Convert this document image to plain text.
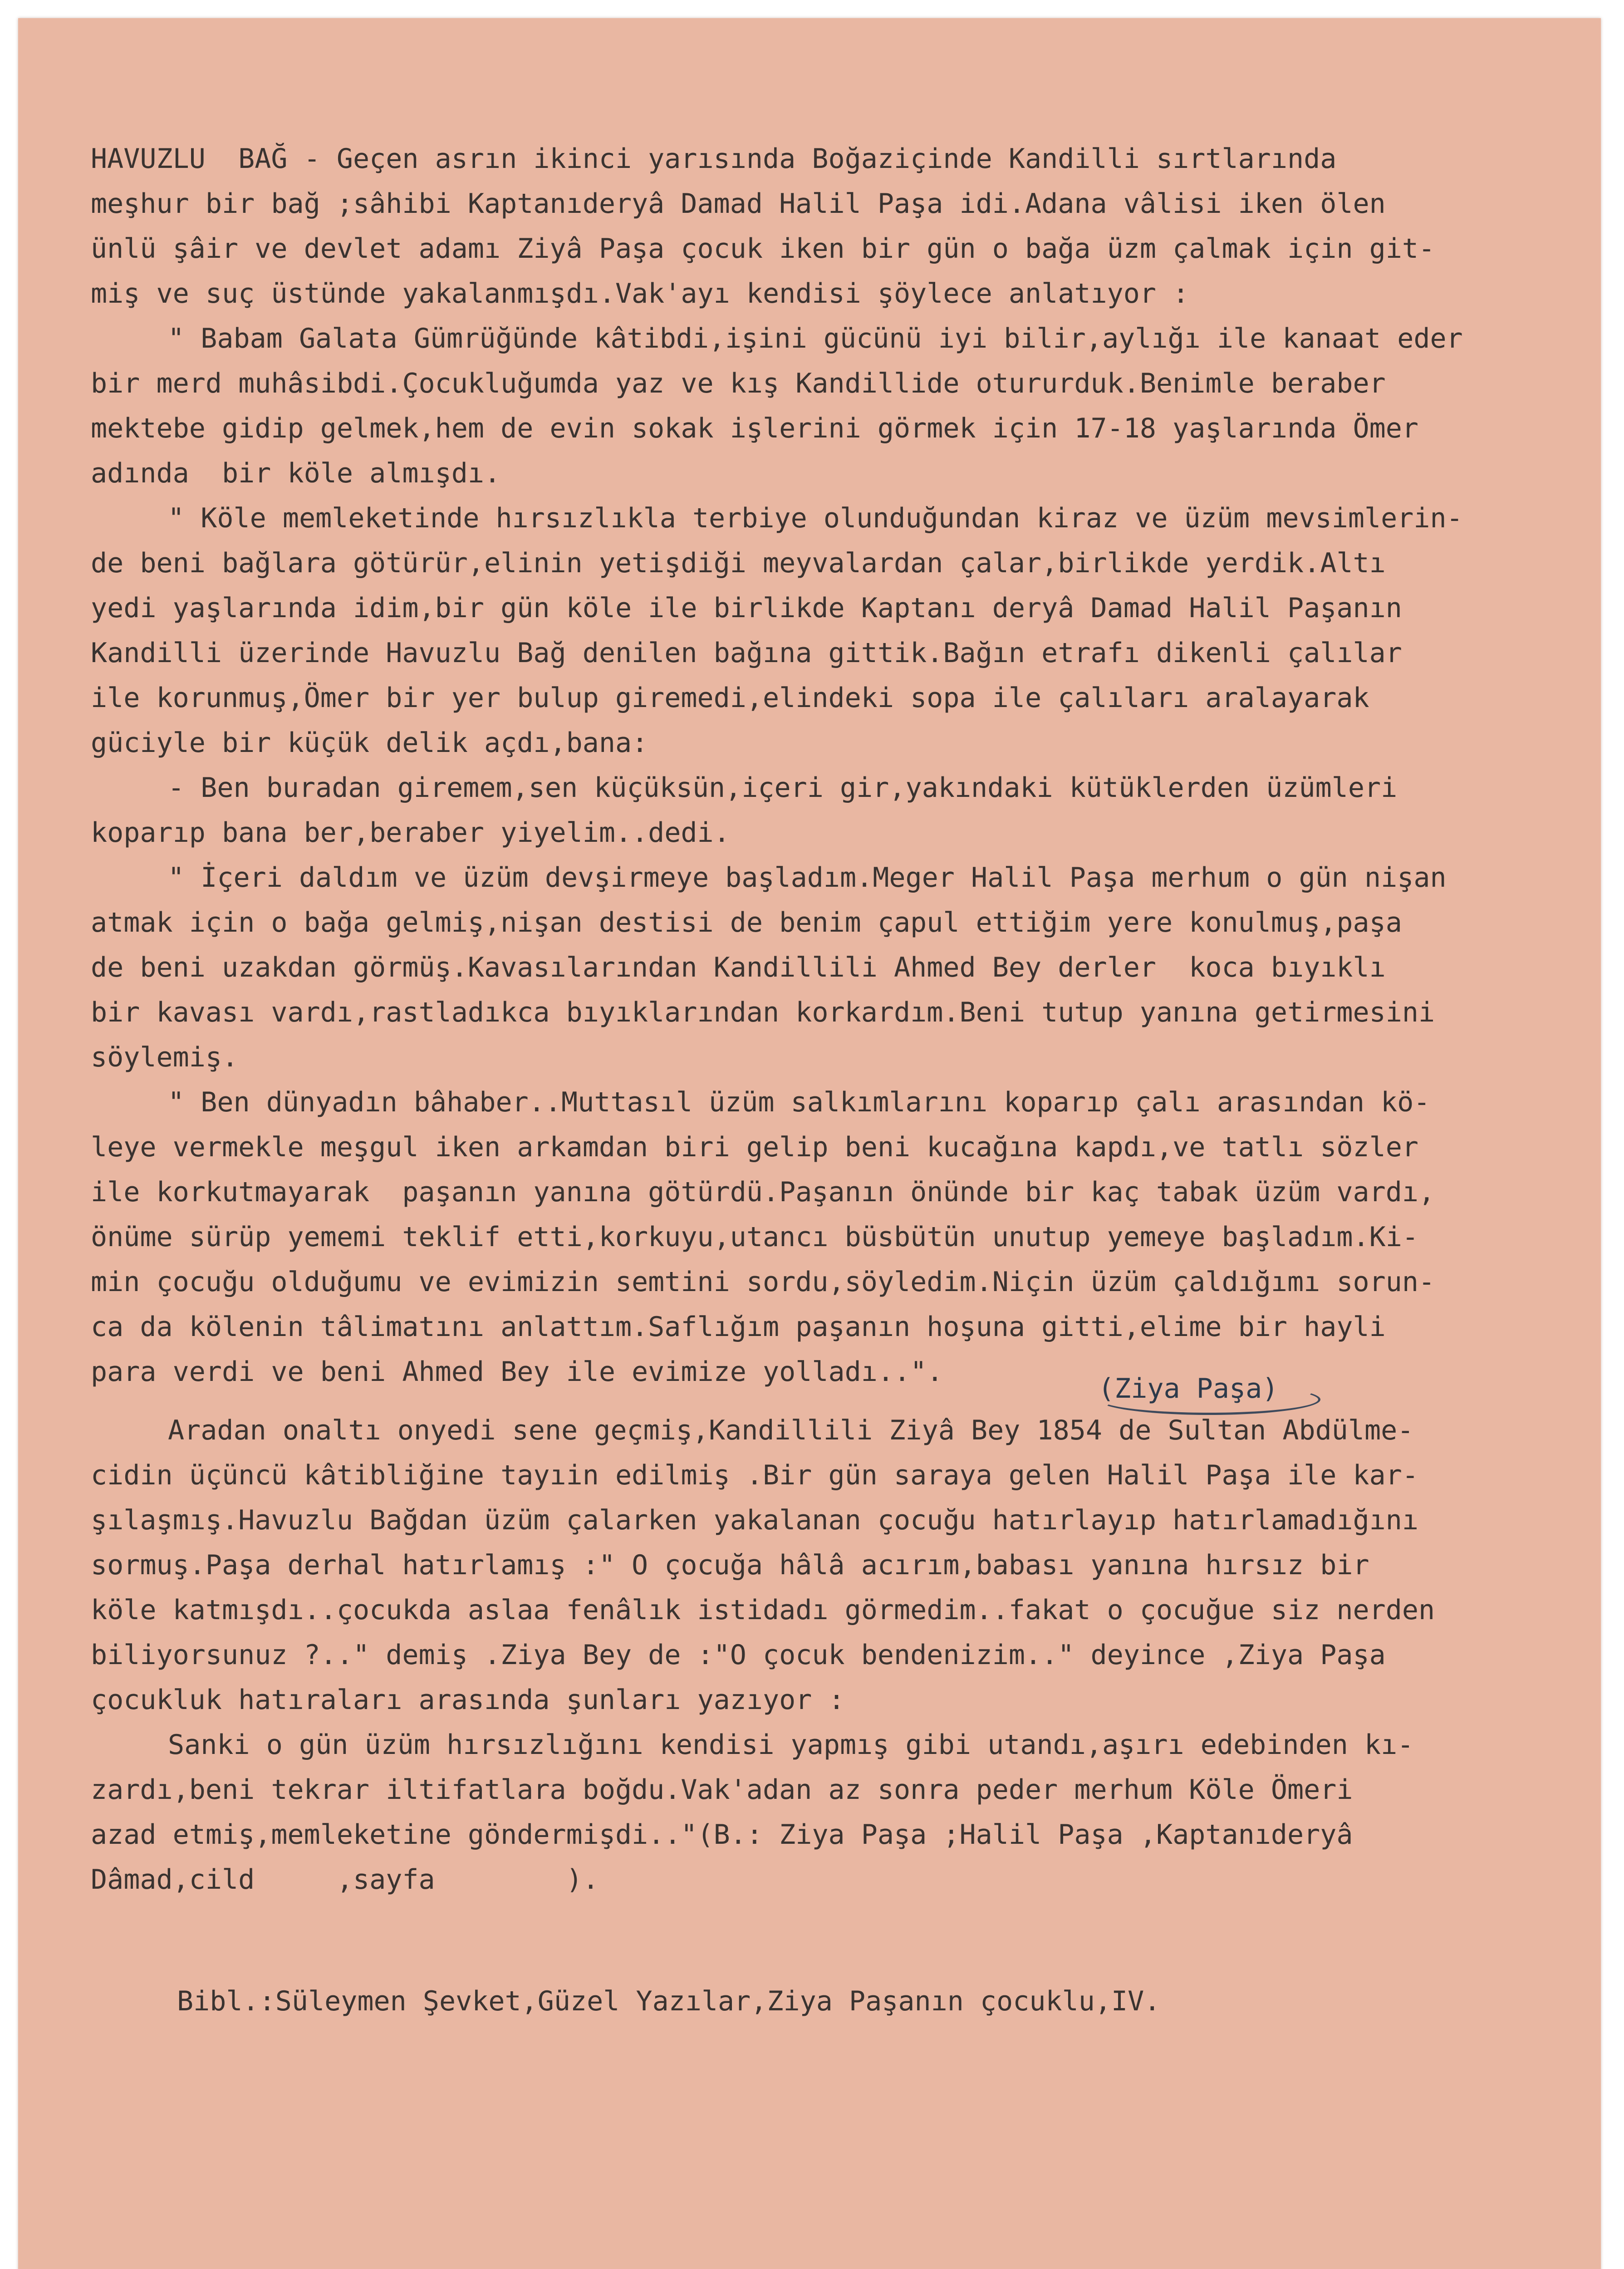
HAVUZLU  BAĞ - Geçen asrın ikinci yarısında Boğaziçinde Kandilli sırtlarında
meşhur bir bağ ;sâhibi Kaptanıderyâ Damad Halil Paşa idi.Adana vâlisi iken ölen
ünlü şâir ve devlet adamı Ziyâ Paşa çocuk iken bir gün o bağa üzm çalmak için git-
miş ve suç üstünde yakalanmışdı.Vak'ayı kendisi şöylece anlatıyor :
" Babam Galata Gümrüğünde kâtibdi,işini gücünü iyi bilir,aylığı ile kanaat eder
bir merd muhâsibdi.Çocukluğumda yaz ve kış Kandillide otururduk.Benimle beraber
mektebe gidip gelmek,hem de evin sokak işlerini görmek için 17-18 yaşlarında Ömer
adında  bir köle almışdı.
" Köle memleketinde hırsızlıkla terbiye olunduğundan kiraz ve üzüm mevsimlerin-
de beni bağlara götürür,elinin yetişdiği meyvalardan çalar,birlikde yerdik.Altı
yedi yaşlarında idim,bir gün köle ile birlikde Kaptanı deryâ Damad Halil Paşanın
Kandilli üzerinde Havuzlu Bağ denilen bağına gittik.Bağın etrafı dikenli çalılar
ile korunmuş,Ömer bir yer bulup giremedi,elindeki sopa ile çalıları aralayarak
güciyle bir küçük delik açdı,bana:
- Ben buradan giremem,sen küçüksün,içeri gir,yakındaki kütüklerden üzümleri
koparıp bana ber,beraber yiyelim..dedi.
" İçeri daldım ve üzüm devşirmeye başladım.Meger Halil Paşa merhum o gün nişan
atmak için o bağa gelmiş,nişan destisi de benim çapul ettiğim yere konulmuş,paşa
de beni uzakdan görmüş.Kavasılarından Kandillili Ahmed Bey derler  koca bıyıklı
bir kavası vardı,rastladıkca bıyıklarından korkardım.Beni tutup yanına getirmesini
söylemiş.
" Ben dünyadın bâhaber..Muttasıl üzüm salkımlarını koparıp çalı arasından kö-
leye vermekle meşgul iken arkamdan biri gelip beni kucağına kapdı,ve tatlı sözler
ile korkutmayarak  paşanın yanına götürdü.Paşanın önünde bir kaç tabak üzüm vardı,
önüme sürüp yememi teklif etti,korkuyu,utancı büsbütün unutup yemeye başladım.Ki-
min çocuğu olduğumu ve evimizin semtini sordu,söyledim.Niçin üzüm çaldığımı sorun-
ca da kölenin tâlimatını anlattım.Saflığım paşanın hoşuna gitti,elime bir hayli
para verdi ve beni Ahmed Bey ile evimize yolladı..".
(Ziya Paşa)
Aradan onaltı onyedi sene geçmiş,Kandillili Ziyâ Bey 1854 de Sultan Abdülme-
cidin üçüncü kâtibliğine tayıin edilmiş .Bir gün saraya gelen Halil Paşa ile kar-
şılaşmış.Havuzlu Bağdan üzüm çalarken yakalanan çocuğu hatırlayıp hatırlamadığını
sormuş.Paşa derhal hatırlamış :" O çocuğa hâlâ acırım,babası yanına hırsız bir
köle katmışdı..çocukda aslaa fenâlık istidadı görmedim..fakat o çocuğue siz nerden
biliyorsunuz ?.." demiş .Ziya Bey de :"O çocuk bendenizim.." deyince ,Ziya Paşa
çocukluk hatıraları arasında şunları yazıyor :
Sanki o gün üzüm hırsızlığını kendisi yapmış gibi utandı,aşırı edebinden kı-
zardı,beni tekrar iltifatlara boğdu.Vak'adan az sonra peder merhum Köle Ömeri
azad etmiş,memleketine göndermişdi.."(B.: Ziya Paşa ;Halil Paşa ,Kaptanıderyâ
Dâmad,cild     ,sayfa        ).
Bibl.:Süleymen Şevket,Güzel Yazılar,Ziya Paşanın çocuklu,IV.
